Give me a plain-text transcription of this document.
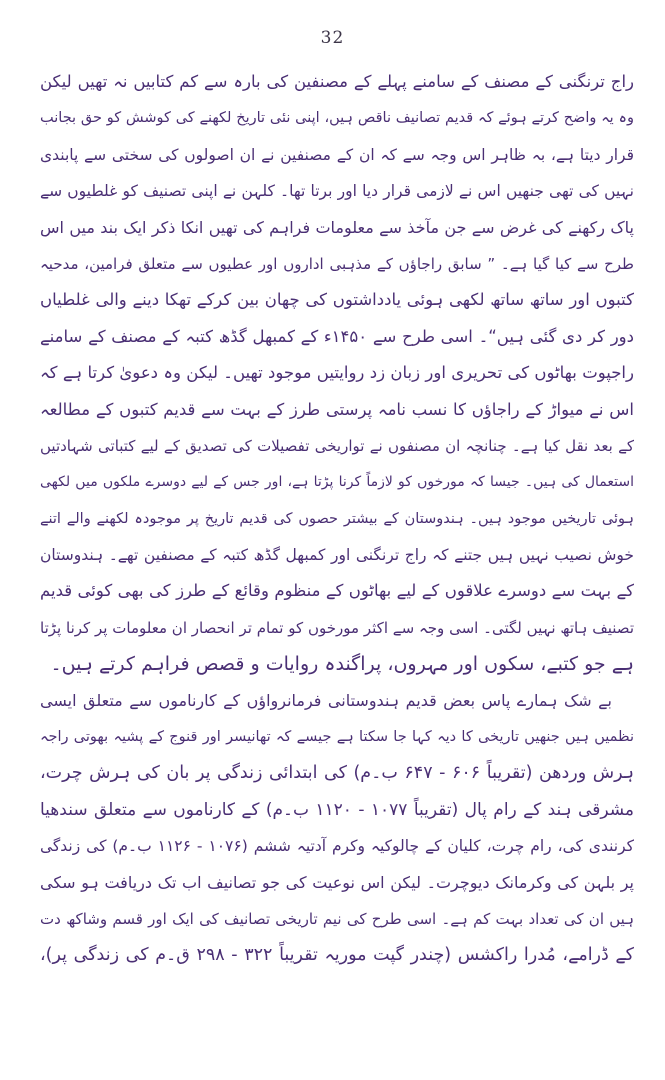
32
راج ترنگنی کے مصنف کے سامنے پہلے کے مصنفین کی بارہ سے کم کتابیں نہ تھیں لیکن
وہ یہ واضح کرتے ہوئے کہ قدیم تصانیف ناقص ہیں، اپنی نئی تاریخ لکھنے کی کوشش کو حق بجانب
قرار دیتا ہے، بہ ظاہر اس وجہ سے کہ ان کے مصنفین نے ان اصولوں کی سختی سے پابندی
نہیں کی تھی جنھیں اس نے لازمی قرار دیا اور برتا تھا۔ کلہن نے اپنی تصنیف کو غلطیوں سے
پاک رکھنے کی غرض سے جن مآخذ سے معلومات فراہم کی تھیں انکا ذکر ایک بند میں اس
طرح سے کیا گیا ہے۔ ” سابق راجاؤں کے مذہبی اداروں اور عطیوں سے متعلق فرامین، مدحیہ
کتبوں اور ساتھ ساتھ لکھی ہوئی یادداشتوں کی چھان بین کرکے تھکا دینے والی غلطیاں
دور کر دی گئی ہیں“۔ اسی طرح سے ۱۴۵۰ء کے کمبھل گڈھ کتبہ کے مصنف کے سامنے
راجپوت بھاٹوں کی تحریری اور زبان زد روایتیں موجود تھیں۔ لیکن وہ دعویٰ کرتا ہے کہ
اس نے میواڑ کے راجاؤں کا نسب نامہ پرستی طرز کے بہت سے قدیم کتبوں کے مطالعہ
کے بعد نقل کیا ہے۔ چنانچہ ان مصنفوں نے تواریخی تفصیلات کی تصدیق کے لیے کتباتی شہادتیں
استعمال کی ہیں۔ جیسا کہ مورخوں کو لازماً کرنا پڑتا ہے، اور جس کے لیے دوسرے ملکوں میں لکھی
ہوئی تاریخیں موجود ہیں۔ ہندوستان کے بیشتر حصوں کی قدیم تاریخ پر موجودہ لکھنے والے اتنے
خوش نصیب نہیں ہیں جتنے کہ راج ترنگنی اور کمبھل گڈھ کتبہ کے مصنفین تھے۔ ہندوستان
کے بہت سے دوسرے علاقوں کے لیے بھاٹوں کے منظوم وقائع کے طرز کی بھی کوئی قدیم
تصنیف ہاتھ نہیں لگتی۔ اسی وجہ سے اکثر مورخوں کو تمام تر انحصار ان معلومات پر کرنا پڑتا
ہے جو کتبے، سکوں اور مہروں، پراگندہ روایات و قصص فراہم کرتے ہیں۔
بے شک ہمارے پاس بعض قدیم ہندوستانی فرمانرواؤں کے کارناموں سے متعلق ایسی
نظمیں ہیں جنھیں تاریخی کا دیہ کہا جا سکتا ہے جیسے کہ تھانیسر اور قنوج کے پشیہ بھوتی راجہ
ہرش وردھن (تقریباً ۶۰۶ - ۶۴۷ ب۔م) کی ابتدائی زندگی پر بان کی ہرش چرت،
مشرقی ہند کے رام پال (تقریباً ۱۰۷۷ - ۱۱۲۰ ب۔م) کے کارناموں سے متعلق سندھیا
کرنندی کی، رام چرت، کلیان کے چالوکیہ وکرم آدتیہ ششم (۱۰۷۶ - ۱۱۲۶ ب۔م) کی زندگی
پر بلہن کی وکرمانک دیوچرت۔ لیکن اس نوعیت کی جو تصانیف اب تک دریافت ہو سکی
ہیں ان کی تعداد بہت کم ہے۔ اسی طرح کی نیم تاریخی تصانیف کی ایک اور قسم وشاکھ دت
کے ڈرامے، مُدرا راکشس (چندر گپت موریہ تقریباً ۳۲۲ - ۲۹۸ ق۔م کی زندگی پر)،
